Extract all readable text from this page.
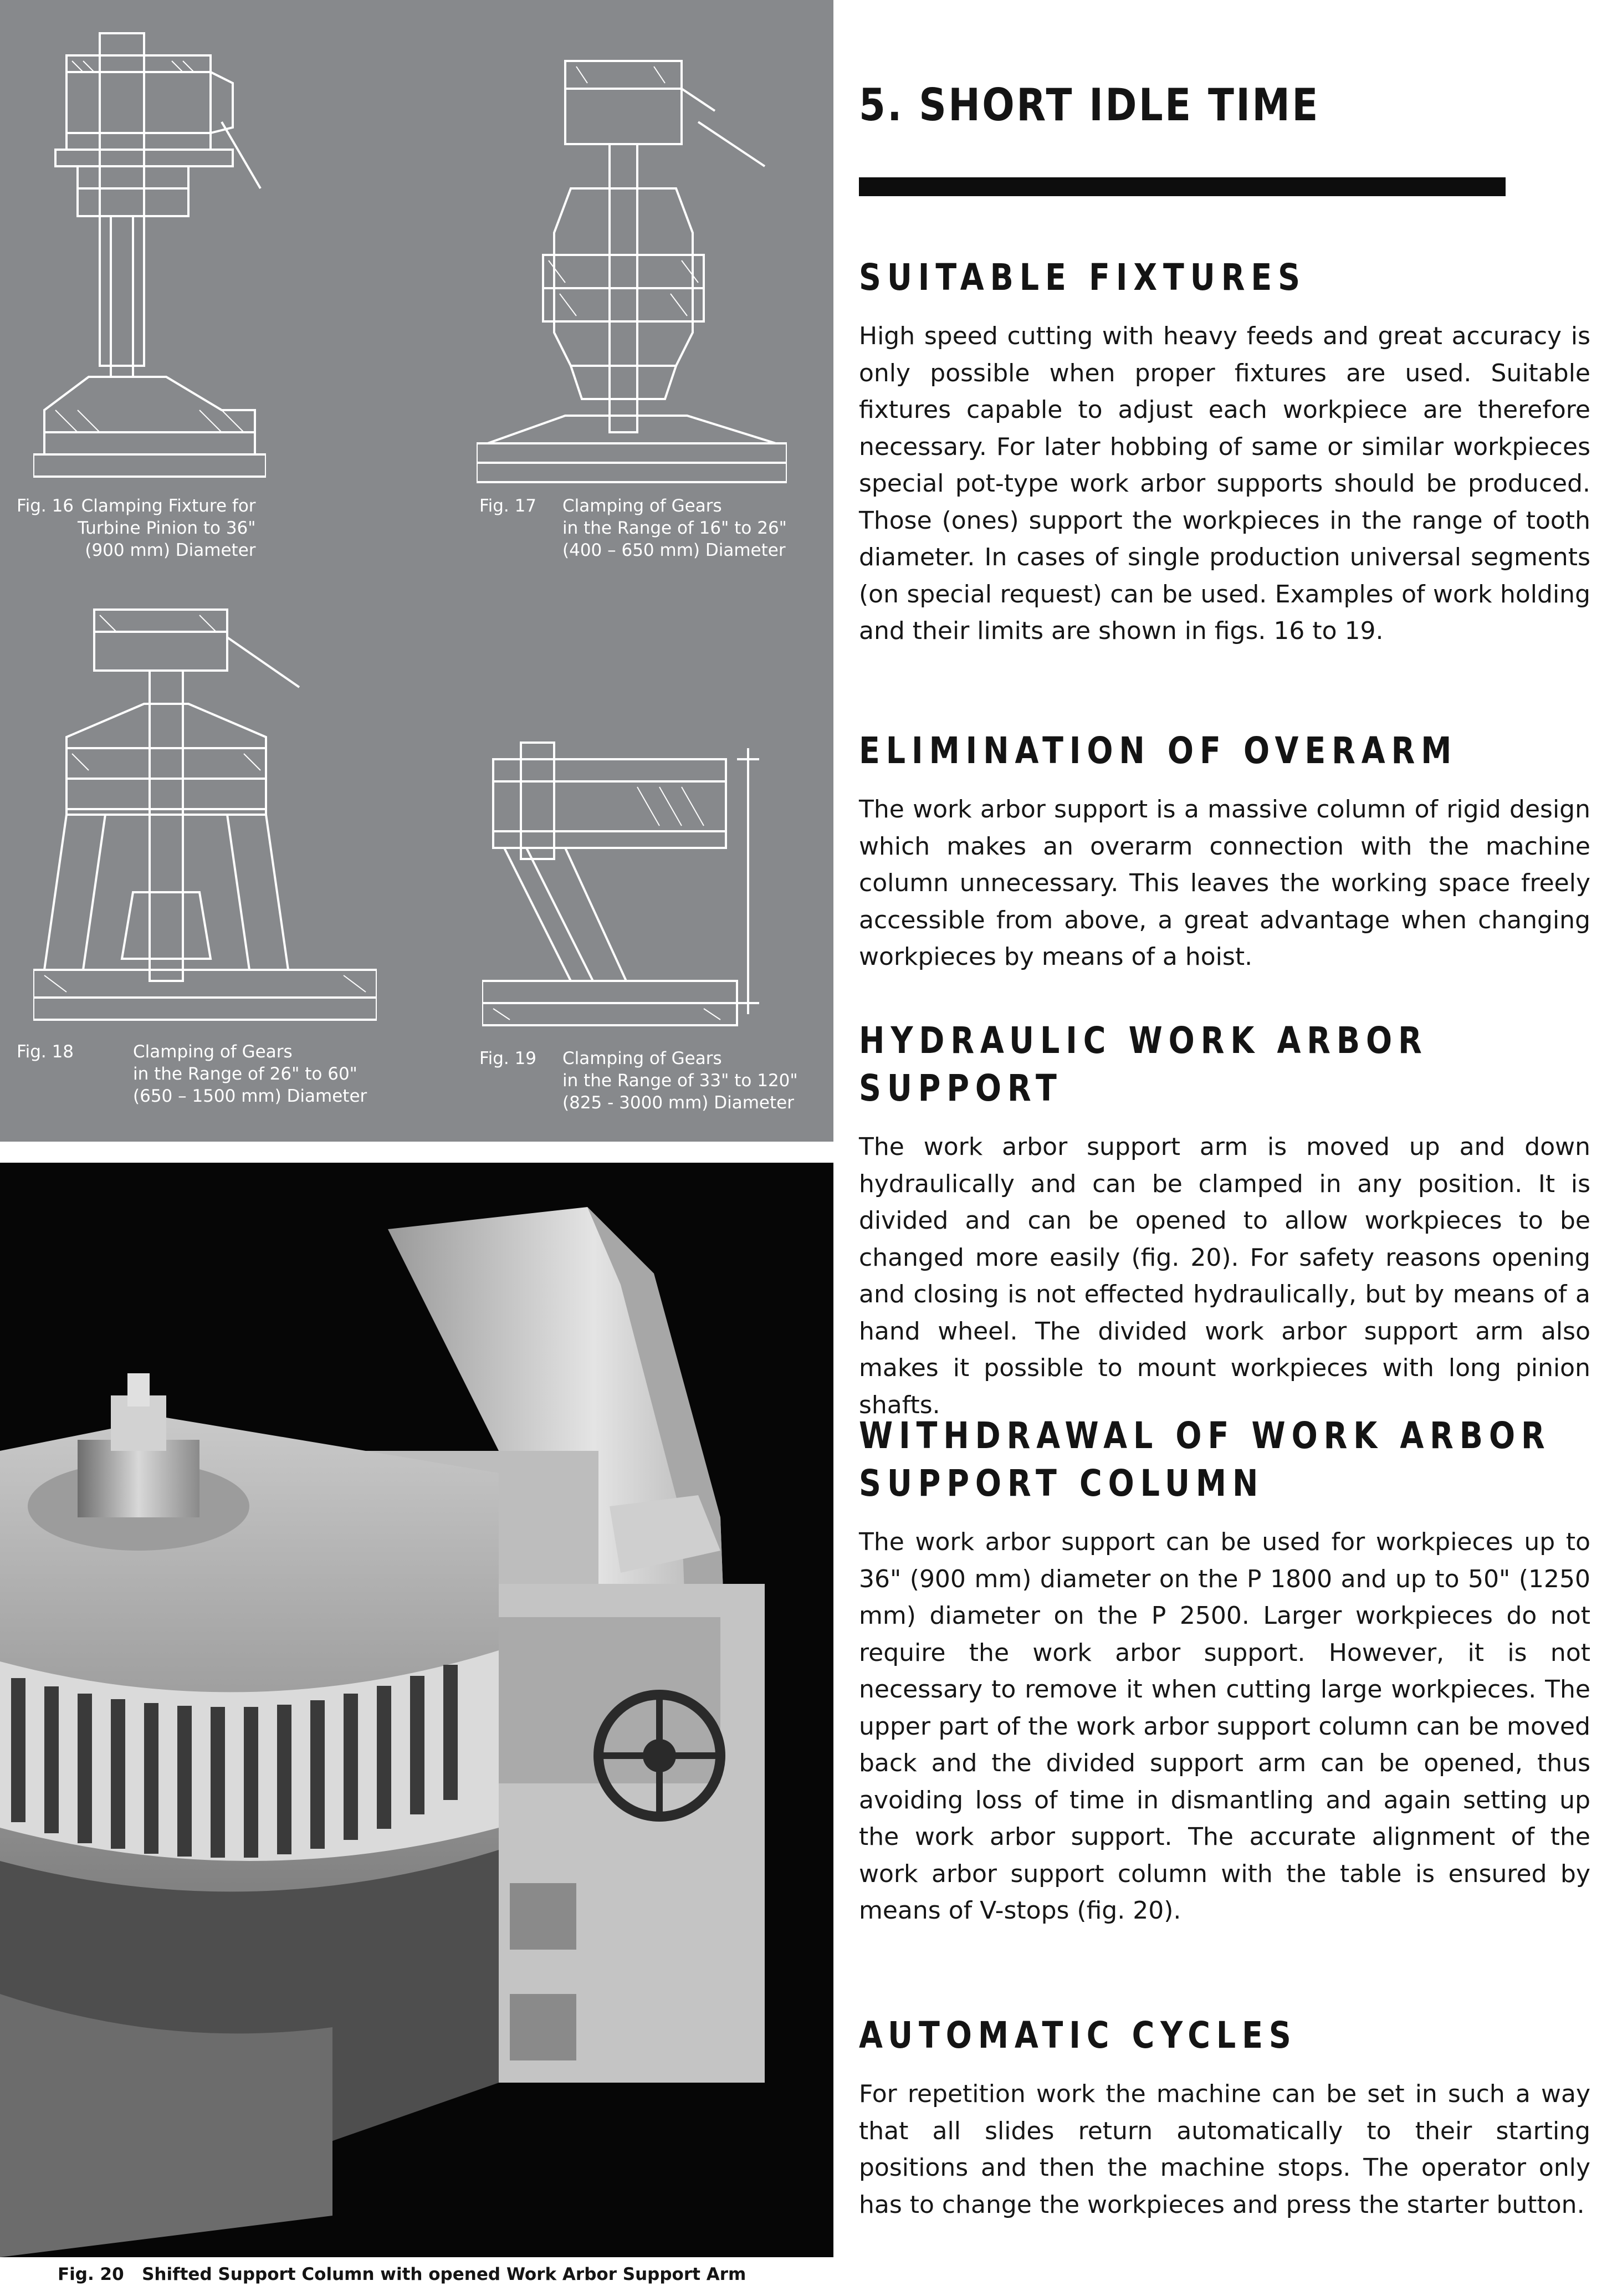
Fig. 16 Clamping Fixture for
Turbine Pinion to 36"
(900 mm) Diameter
Fig. 17	Clamping of Gears
in the Range of 16" to 26"
(400 – 650 mm) Diameter
Fig. 18	Clamping of Gears
in the Range of 26" to 60"
(650 – 1500 mm) Diameter
Fig. 19	Clamping of Gears
in the Range of 33" to 120"
(825 - 3000 mm) Diameter
Fig. 20 Shifted Support Column with opened Work Arbor Support Arm
5. SHORT IDLE TIME
SUITABLE FIXTURES
High speed cutting with heavy feeds and great accuracy is only possible when proper fixtures are used. Suitable fixtures capable to adjust each workpiece are therefore necessary. For later hobbing of same or similar workpieces special pot-type work arbor supports should be produced. Those (ones) support the workpieces in the range of tooth diameter. In cases of single production universal segments (on special request) can be used. Examples of work holding and their limits are shown in figs. 16 to 19.
ELIMINATION OF OVERARM
The work arbor support is a massive column of rigid design which makes an overarm connection with the machine column unnecessary. This leaves the working space freely accessible from above, a great advantage when changing workpieces by means of a hoist.
HYDRAULIC WORK ARBOR SUPPORT
The work arbor support arm is moved up and down hydraulically and can be clamped in any position. It is divided and can be opened to allow workpieces to be changed more easily (fig. 20). For safety reasons opening and closing is not effected hydraulically, but by means of a hand wheel. The divided work arbor support arm also makes it possible to mount workpieces with long pinion shafts.
WITHDRAWAL OF WORK ARBOR
SUPPORT COLUMN
The work arbor support can be used for workpieces up to 36" (900 mm) diameter on the P 1800 and up to 50" (1250 mm) diameter on the P 2500. Larger workpieces do not require the work arbor support. However, it is not necessary to remove it when cutting large workpieces. The upper part of the work arbor support column can be moved back and the divided support arm can be opened, thus avoiding loss of time in dismantling and again setting up the work arbor support. The accurate alignment of the work arbor support column with the table is ensured by means of V-stops (fig. 20).
AUTOMATIC CYCLES
For repetition work the machine can be set in such a way that all slides return automatically to their starting positions and then the machine stops. The operator only has to change the workpieces and press the starter button.
